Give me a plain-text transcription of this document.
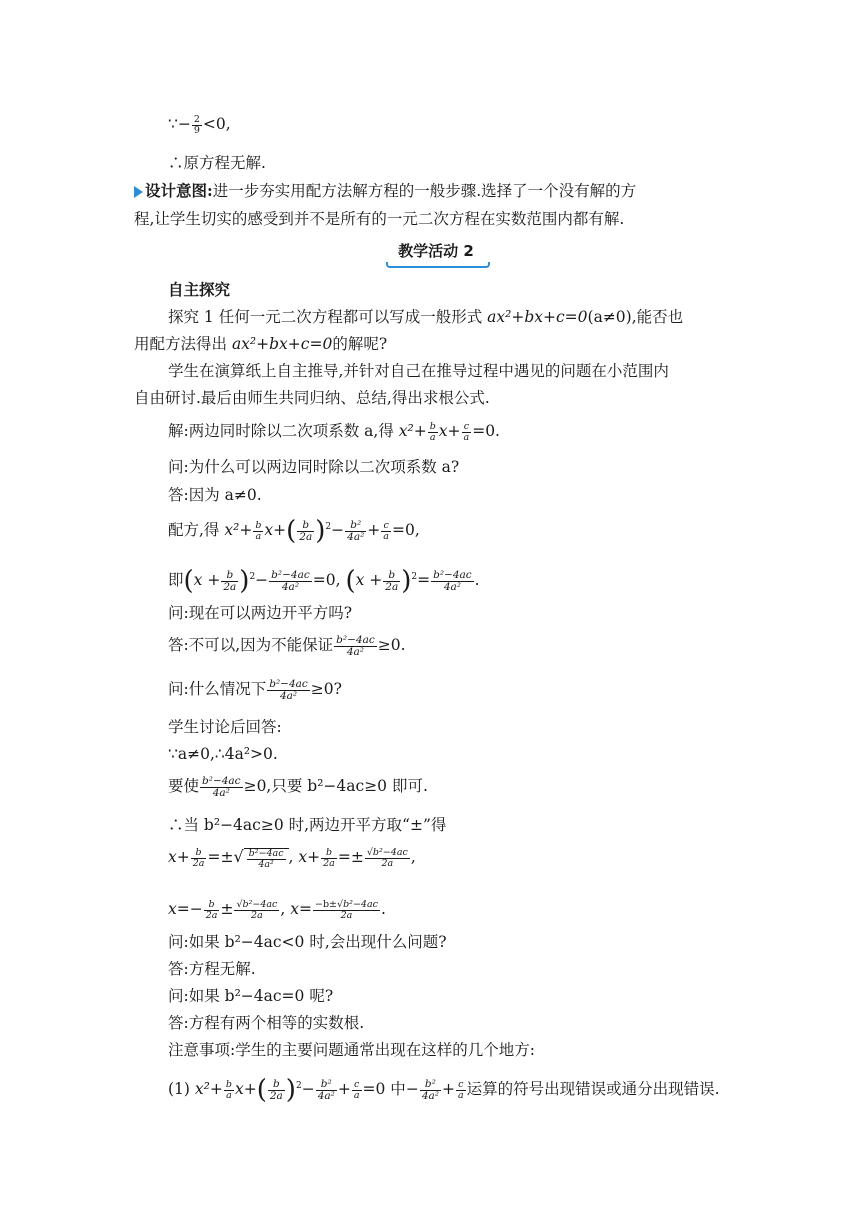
∵− $\frac{2}{9} <0$,
∴原方程无解.
设计意图:进一步夯实用配方法解方程的一般步骤.选择了一个没有解的方
程,让学生切实的感受到并不是所有的一元二次方程在实数范围内都有解.
教学活动 2
自主探究
探究 1 任何一元二次方程都可以写成一般形式 ax²+bx+c=0(a≠0),能否也
用配方法得出 ax²+bx+c=0的解呢?
学生在演算纸上自主推导,并针对自己在推导过程中遇见的问题在小范围内
自由研讨.最后由师生共同归纳、总结,得出求根公式.
解:两边同时除以二次项系数 a,得 $x^2+ \frac{b}{a} x+ \frac{c}{a} =0$.
问:为什么可以两边同时除以二次项系数 a?
答:因为 a≠0.
配方,得 $x^2+ \frac{b}{a} x+( \frac{b}{2a} )^2- \frac{\text{b²}}{\text{4a²}} + \frac{c}{a} =0$,
即$(x + \frac{b}{2a} )^2- \frac{\text{b²−4ac}}{\text{4a²}} =0$, $(x + \frac{b}{2a} )^2= \frac{\text{b²−4ac}}{\text{4a²}}$ .
问:现在可以两边开平方吗?
答:不可以,因为不能保证 $\frac{\text{b²−4ac}}{\text{4a²}} \ge 0$.
问:什么情况下 $\frac{\text{b²−4ac}}{\text{4a²}} \ge 0$?
学生讨论后回答:
∵a≠0,∴4a²>0.
要使 $\frac{\text{b²−4ac}}{\text{4a²}} \ge 0$,只要 b²−4ac≥0 即可.
∴当 b²−4ac≥0 时,两边开平方取“±”得
$x+ \frac{b}{2a}$ =±√ $\frac{\text{b²−4ac}}{\text{4a²}}$ , $x+ \frac{b}{2a} =\pm \frac{\text{√b²−4ac}}{2a}$ ,
$x=- \frac{b}{2a} \pm \frac{\text{√b²−4ac}}{2a}$ , $x= \frac{\text{−b±√b²−4ac}}{2a}$ .
问:如果 b²−4ac<0 时,会出现什么问题?
答:方程无解.
问:如果 b²−4ac=0 呢?
答:方程有两个相等的实数根.
注意事项:学生的主要问题通常出现在这样的几个地方:
(1) $x^2+ \frac{b}{a} x+( \frac{b}{2a} )^2- \frac{\text{b²}}{\text{4a²}} + \frac{c}{a} =0$ 中− $\frac{\text{b²}}{\text{4a²}} + \frac{c}{a}$ 运算的符号出现错误或通分出现错误.
